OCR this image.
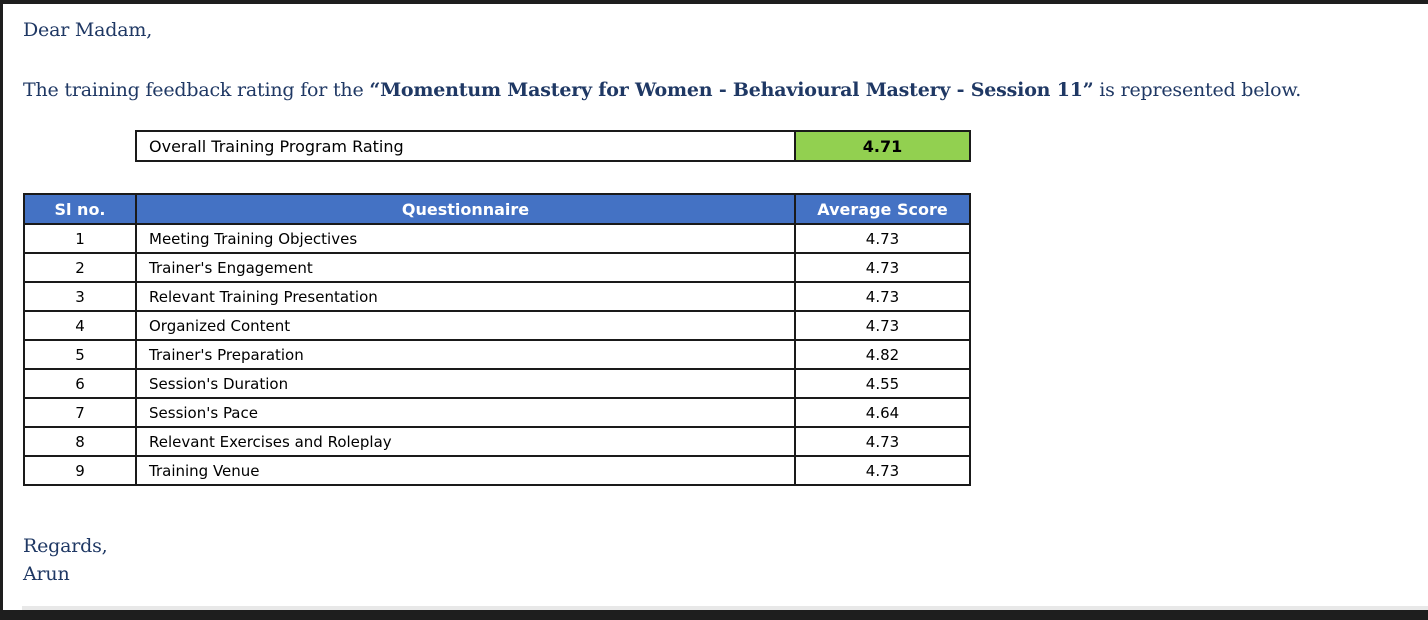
Dear Madam,
The training feedback rating for the “Momentum Mastery for Women - Behavioural Mastery - Session 11” is represented below.
Overall Training Program Rating	4.71
Sl no.	Questionnaire	Average Score
1	Meeting Training Objectives	4.73
2	Trainer's Engagement	4.73
3	Relevant Training Presentation	4.73
4	Organized Content	4.73
5	Trainer's Preparation	4.82
6	Session's Duration	4.55
7	Session's Pace	4.64
8	Relevant Exercises and Roleplay	4.73
9	Training Venue	4.73
Regards,
Arun
